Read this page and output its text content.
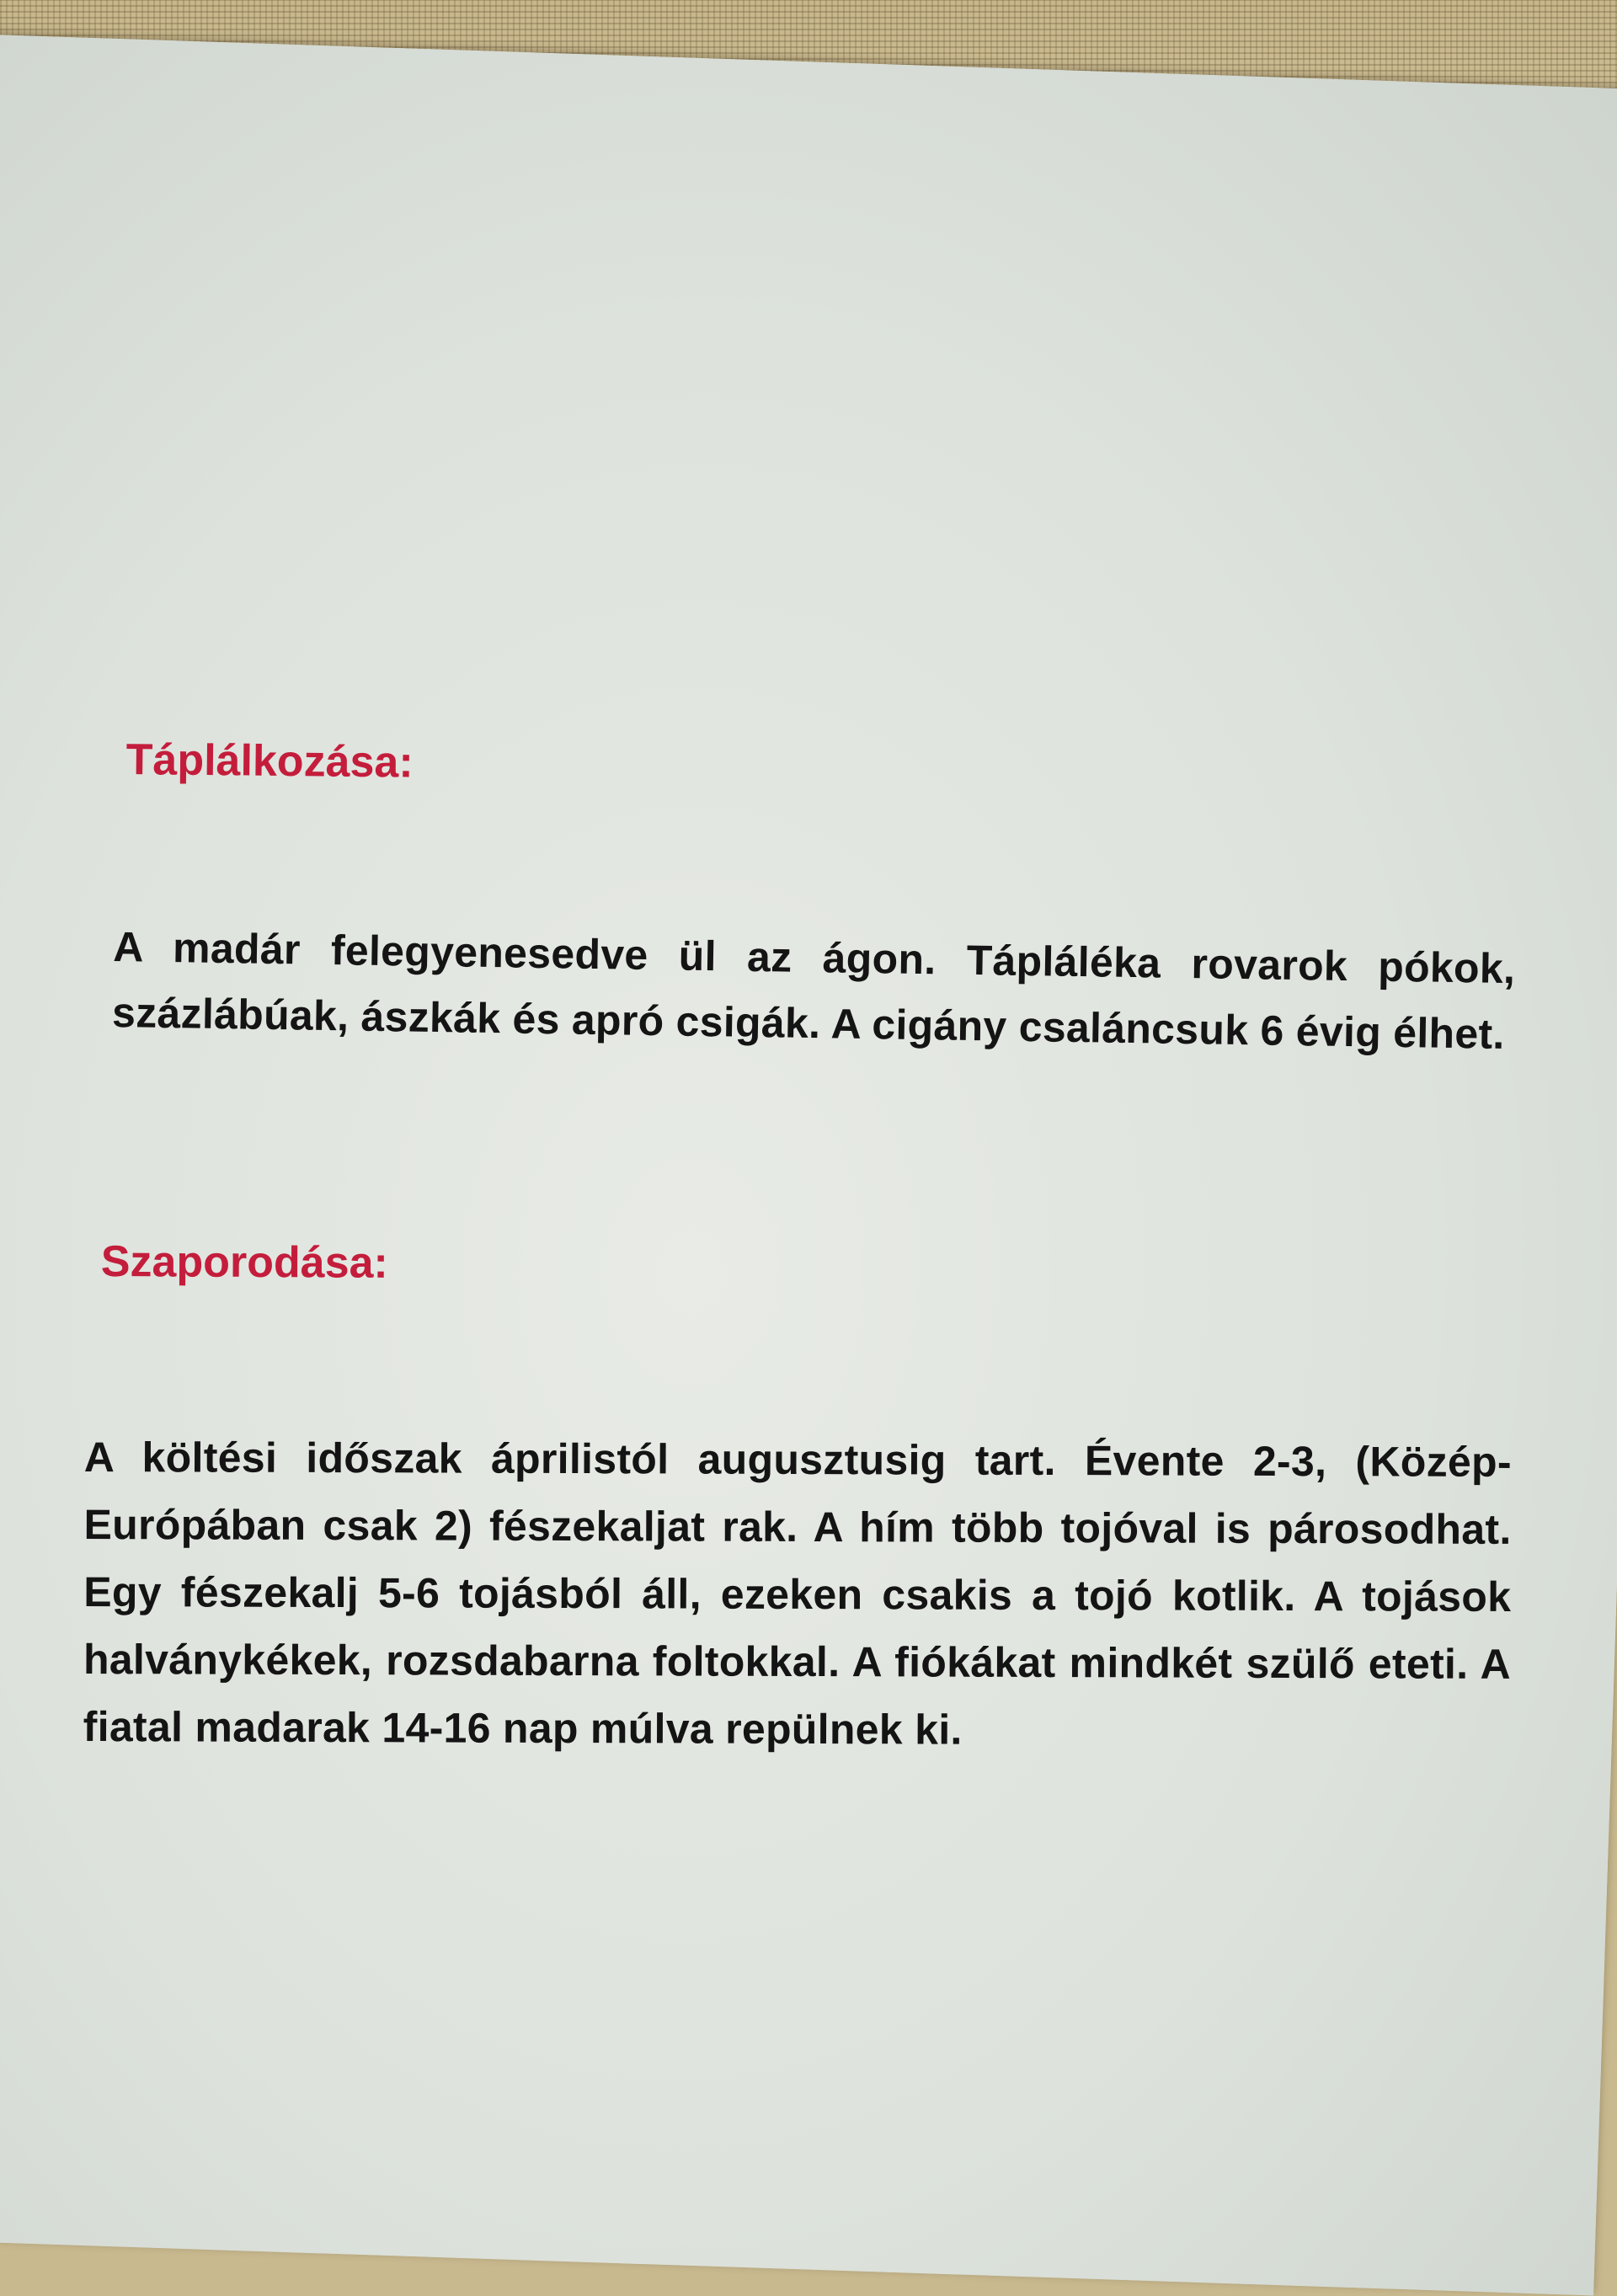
Táplálkozása:

A madár felegyenesedve ül az ágon. Tápláléka rovarok pókok, százlábúak, ászkák és apró csigák. A cigány csaláncsuk 6 évig élhet.

Szaporodása:

A költési időszak áprilistól augusztusig tart. Évente 2-3, (Közép-Európában csak 2) fészekaljat rak. A hím több tojóval is párosodhat. Egy fészekalj 5-6 tojásból áll, ezeken csakis a tojó kotlik. A tojások halványkékek, rozsdabarna foltokkal. A fiókákat mindkét szülő eteti. A fiatal madarak 14-16 nap múlva repülnek ki.
